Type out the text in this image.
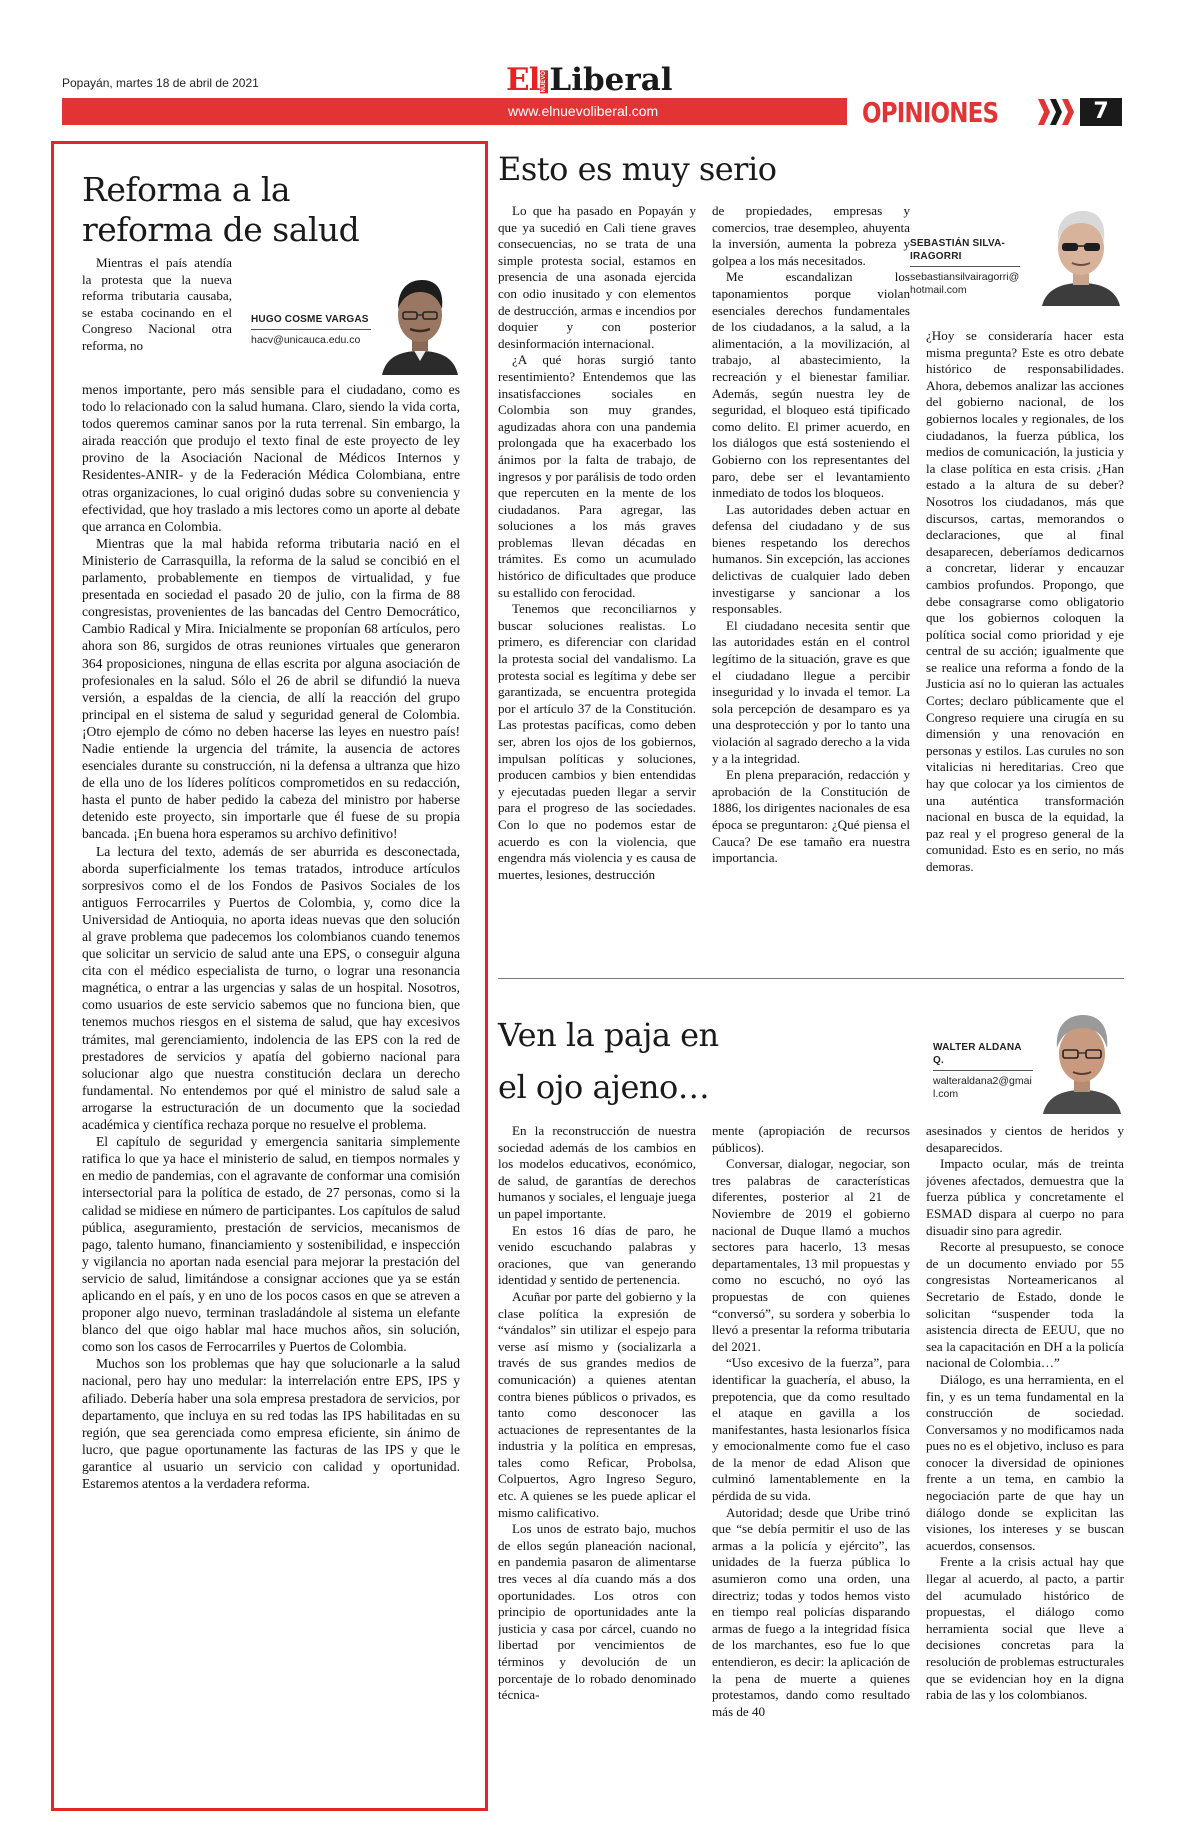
Popayán, martes 18 de abril de 2021	El NUEVO Liberal
www.elnuevoliberal.com	OPINIONES	7
Reforma a la
reforma de salud
HUGO COSME VARGAS
hacv@unicauca.edu.co

Mientras el país atendía la protesta que la nueva reforma tributaria causaba, se estaba cocinando en el Congreso Nacional otra reforma, no

menos importante, pero más sensible para el ciudadano, como es todo lo relacionado con la salud humana. Claro, siendo la vida corta, todos queremos caminar sanos por la ruta terrenal. Sin embargo, la airada reacción que produjo el texto final de este proyecto de ley provino de la Asociación Nacional de Médicos Internos y Residentes-ANIR- y de la Federación Médica Colombiana, entre otras organizaciones, lo cual originó dudas sobre su conveniencia y efectividad, que hoy traslado a mis lectores como un aporte al debate que arranca en Colombia.

Mientras que la mal habida reforma tributaria nació en el Ministerio de Carrasquilla, la reforma de la salud se concibió en el parlamento, probablemente en tiempos de virtualidad, y fue presentada en sociedad el pasado 20 de julio, con la firma de 88 congresistas, provenientes de las bancadas del Centro Democrático, Cambio Radical y Mira. Inicialmente se proponían 68 artículos, pero ahora son 86, surgidos de otras reuniones virtuales que generaron 364 proposiciones, ninguna de ellas escrita por alguna asociación de profesionales en la salud. Sólo el 26 de abril se difundió la nueva versión, a espaldas de la ciencia, de allí la reacción del grupo principal en el sistema de salud y seguridad general de Colombia. ¡Otro ejemplo de cómo no deben hacerse las leyes en nuestro país! Nadie entiende la urgencia del trámite, la ausencia de actores esenciales durante su construcción, ni la defensa a ultranza que hizo de ella uno de los líderes políticos comprometidos en su redacción, hasta el punto de haber pedido la cabeza del ministro por haberse detenido este proyecto, sin importarle que él fuese de su propia bancada. ¡En buena hora esperamos su archivo definitivo!

La lectura del texto, además de ser aburrida es desconectada, aborda superficialmente los temas tratados, introduce artículos sorpresivos como el de los Fondos de Pasivos Sociales de los antiguos Ferrocarriles y Puertos de Colombia, y, como dice la Universidad de Antioquia, no aporta ideas nuevas que den solución al grave problema que padecemos los colombianos cuando tenemos que solicitar un servicio de salud ante una EPS, o conseguir alguna cita con el médico especialista de turno, o lograr una resonancia magnética, o entrar a las urgencias y salas de un hospital. Nosotros, como usuarios de este servicio sabemos que no funciona bien, que tenemos muchos riesgos en el sistema de salud, que hay excesivos trámites, mal gerenciamiento, indolencia de las EPS con la red de prestadores de servicios y apatía del gobierno nacional para solucionar algo que nuestra constitución declara un derecho fundamental. No entendemos por qué el ministro de salud sale a arrogarse la estructuración de un documento que la sociedad académica y científica rechaza porque no resuelve el problema.

El capítulo de seguridad y emergencia sanitaria simplemente ratifica lo que ya hace el ministerio de salud, en tiempos normales y en medio de pandemias, con el agravante de conformar una comisión intersectorial para la política de estado, de 27 personas, como si la calidad se midiese en número de participantes. Los capítulos de salud pública, aseguramiento, prestación de servicios, mecanismos de pago, talento humano, financiamiento y sostenibilidad, e inspección y vigilancia no aportan nada esencial para mejorar la prestación del servicio de salud, limitándose a consignar acciones que ya se están aplicando en el país, y en uno de los pocos casos en que se atreven a proponer algo nuevo, terminan trasladándole al sistema un elefante blanco del que oigo hablar mal hace muchos años, sin solución, como son los casos de Ferrocarriles y Puertos de Colombia.

Muchos son los problemas que hay que solucionarle a la salud nacional, pero hay uno medular: la interrelación entre EPS, IPS y afiliado. Debería haber una sola empresa prestadora de servicios, por departamento, que incluya en su red todas las IPS habilitadas en su región, que sea gerenciada como empresa eficiente, sin ánimo de lucro, que pague oportunamente las facturas de las IPS y que le garantice al usuario un servicio con calidad y oportunidad. Estaremos atentos a la verdadera reforma.

Esto es muy serio
SEBASTIÁN SILVA-IRAGORRI
sebastiansilvairagorri@hotmail.com

Lo que ha pasado en Popayán y que ya sucedió en Cali tiene graves consecuencias, no se trata de una simple protesta social, estamos en presencia de una asonada ejercida con odio inusitado y con elementos de destrucción, armas e incendios por doquier y con posterior desinformación internacional.

¿A qué horas surgió tanto resentimiento? Entendemos que las insatisfacciones sociales en Colombia son muy grandes, agudizadas ahora con una pandemia prolongada que ha exacerbado los ánimos por la falta de trabajo, de ingresos y por parálisis de todo orden que repercuten en la mente de los ciudadanos. Para agregar, las soluciones a los más graves problemas llevan décadas en trámites. Es como un acumulado histórico de dificultades que produce su estallido con ferocidad.

Tenemos que reconciliarnos y buscar soluciones realistas. Lo primero, es diferenciar con claridad la protesta social del vandalismo. La protesta social es legítima y debe ser garantizada, se encuentra protegida por el artículo 37 de la Constitución. Las protestas pacíficas, como deben ser, abren los ojos de los gobiernos, impulsan políticas y soluciones, producen cambios y bien entendidas y ejecutadas pueden llegar a servir para el progreso de las sociedades. Con lo que no podemos estar de acuerdo es con la violencia, que engendra más violencia y es causa de muertes, lesiones, destrucción

de propiedades, empresas y comercios, trae desempleo, ahuyenta la inversión, aumenta la pobreza y golpea a los más necesitados.

Me escandalizan los taponamientos porque violan esenciales derechos fundamentales de los ciudadanos, a la salud, a la alimentación, a la movilización, al trabajo, al abastecimiento, la recreación y el bienestar familiar. Además, según nuestra ley de seguridad, el bloqueo está tipificado como delito. El primer acuerdo, en los diálogos que está sosteniendo el Gobierno con los representantes del paro, debe ser el levantamiento inmediato de todos los bloqueos.

Las autoridades deben actuar en defensa del ciudadano y de sus bienes respetando los derechos humanos. Sin excepción, las acciones delictivas de cualquier lado deben investigarse y sancionar a los responsables.

El ciudadano necesita sentir que las autoridades están en el control legítimo de la situación, grave es que el ciudadano llegue a percibir inseguridad y lo invada el temor. La sola percepción de desamparo es ya una desprotección y por lo tanto una violación al sagrado derecho a la vida y a la integridad.

En plena preparación, redacción y aprobación de la Constitución de 1886, los dirigentes nacionales de esa época se preguntaron: ¿Qué piensa el Cauca? De ese tamaño era nuestra importancia.

¿Hoy se consideraría hacer esta misma pregunta? Este es otro debate histórico de responsabilidades. Ahora, debemos analizar las acciones del gobierno nacional, de los gobiernos locales y regionales, de los ciudadanos, la fuerza pública, los medios de comunicación, la justicia y la clase política en esta crisis. ¿Han estado a la altura de su deber? Nosotros los ciudadanos, más que discursos, cartas, memorandos o declaraciones, que al final desaparecen, deberíamos dedicarnos a concretar, liderar y encauzar cambios profundos. Propongo, que debe consagrarse como obligatorio que los gobiernos coloquen la política social como prioridad y eje central de su acción; igualmente que se realice una reforma a fondo de la Justicia así no lo quieran las actuales Cortes; declaro públicamente que el Congreso requiere una cirugía en su dimensión y una renovación en personas y estilos. Las curules no son vitalicias ni hereditarias. Creo que hay que colocar ya los cimientos de una auténtica transformación nacional en busca de la equidad, la paz real y el progreso general de la comunidad. Esto es en serio, no más demoras.

Ven la paja en
el ojo ajeno…
WALTER ALDANA Q.
walteraldana2@gmail.com

En la reconstrucción de nuestra sociedad además de los cambios en los modelos educativos, económico, de salud, de garantías de derechos humanos y sociales, el lenguaje juega un papel importante.

En estos 16 días de paro, he venido escuchando palabras y oraciones, que van generando identidad y sentido de pertenencia.

Acuñar por parte del gobierno y la clase política la expresión de “vándalos” sin utilizar el espejo para verse así mismo y (socializarla a través de sus grandes medios de comunicación) a quienes atentan contra bienes públicos o privados, es tanto como desconocer las actuaciones de representantes de la industria y la política en empresas, tales como Reficar, Probolsa, Colpuertos, Agro Ingreso Seguro, etc. A quienes se les puede aplicar el mismo calificativo.

Los unos de estrato bajo, muchos de ellos según planeación nacional, en pandemia pasaron de alimentarse tres veces al día cuando más a dos oportunidades. Los otros con principio de oportunidades ante la justicia y casa por cárcel, cuando no libertad por vencimientos de términos y devolución de un porcentaje de lo robado denominado técnica-

mente (apropiación de recursos públicos).

Conversar, dialogar, negociar, son tres palabras de características diferentes, posterior al 21 de Noviembre de 2019 el gobierno nacional de Duque llamó a muchos sectores para hacerlo, 13 mesas departamentales, 13 mil propuestas y como no escuchó, no oyó las propuestas de con quienes “conversó”, su sordera y soberbia lo llevó a presentar la reforma tributaria del 2021.

“Uso excesivo de la fuerza”, para identificar la guachería, el abuso, la prepotencia, que da como resultado el ataque en gavilla a los manifestantes, hasta lesionarlos física y emocionalmente como fue el caso de la menor de edad Alison que culminó lamentablemente en la pérdida de su vida.

Autoridad; desde que Uribe trinó que “se debía permitir el uso de las armas a la policía y ejército”, las unidades de la fuerza pública lo asumieron como una orden, una directriz; todas y todos hemos visto en tiempo real policías disparando armas de fuego a la integridad física de los marchantes, eso fue lo que entendieron, es decir: la aplicación de la pena de muerte a quienes protestamos, dando como resultado más de 40

asesinados y cientos de heridos y desaparecidos.

Impacto ocular, más de treinta jóvenes afectados, demuestra que la fuerza pública y concretamente el ESMAD dispara al cuerpo no para disuadir sino para agredir.

Recorte al presupuesto, se conoce de un documento enviado por 55 congresistas Norteamericanos al Secretario de Estado, donde le solicitan “suspender toda la asistencia directa de EEUU, que no sea la capacitación en DH a la policía nacional de Colombia…”

Diálogo, es una herramienta, en el fin, y es un tema fundamental en la construcción de sociedad. Conversamos y no modificamos nada pues no es el objetivo, incluso es para conocer la diversidad de opiniones frente a un tema, en cambio la negociación parte de que hay un diálogo donde se explicitan las visiones, los intereses y se buscan acuerdos, consensos.

Frente a la crisis actual hay que llegar al acuerdo, al pacto, a partir del acumulado histórico de propuestas, el diálogo como herramienta social que lleve a decisiones concretas para la resolución de problemas estructurales que se evidencian hoy en la digna rabia de las y los colombianos.
